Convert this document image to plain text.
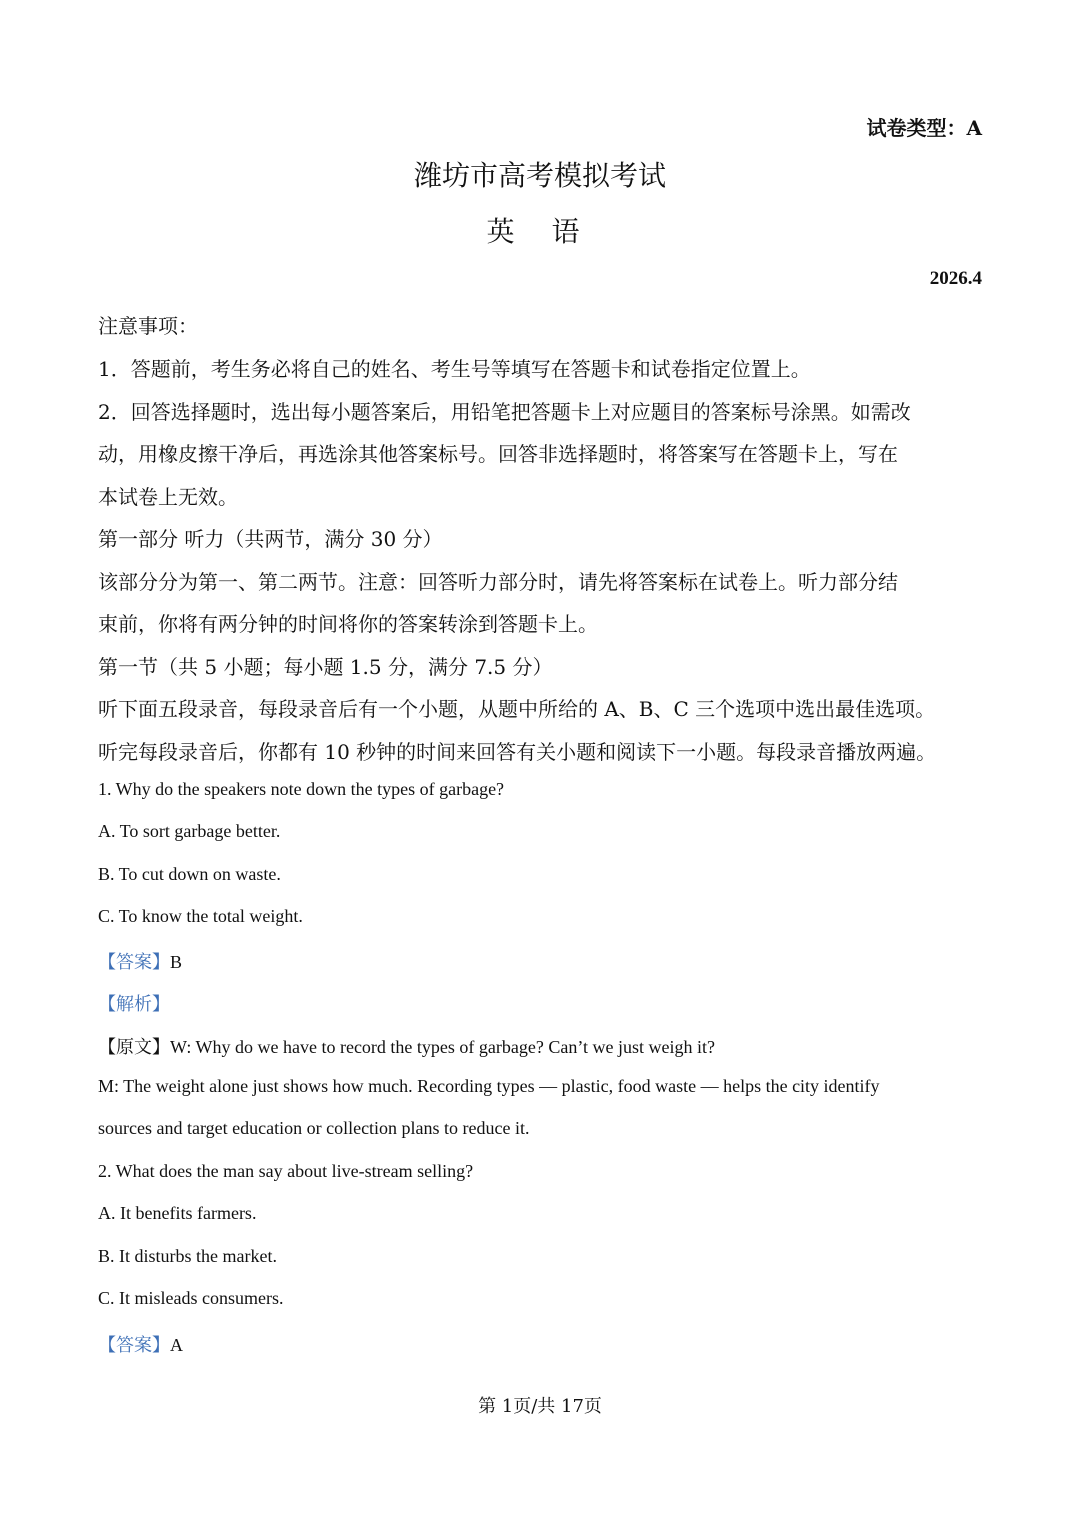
试卷类型：A
潍坊市高考模拟考试
英 语
2026.4
注意事项：
1．答题前，考生务必将自己的姓名、考生号等填写在答题卡和试卷指定位置上。
2．回答选择题时，选出每小题答案后，用铅笔把答题卡上对应题目的答案标号涂黑。如需改
动，用橡皮擦干净后，再选涂其他答案标号。回答非选择题时，将答案写在答题卡上，写在
本试卷上无效。
第一部分 听力（共两节，满分 30 分）
该部分分为第一、第二两节。注意：回答听力部分时，请先将答案标在试卷上。听力部分结
束前，你将有两分钟的时间将你的答案转涂到答题卡上。
第一节（共 5 小题；每小题 1.5 分，满分 7.5 分）
听下面五段录音，每段录音后有一个小题，从题中所给的 A、B、C 三个选项中选出最佳选项。
听完每段录音后，你都有 10 秒钟的时间来回答有关小题和阅读下一小题。每段录音播放两遍。
1. Why do the speakers note down the types of garbage?
A. To sort garbage better.
B. To cut down on waste.
C. To know the total weight.
【答案】B
【解析】
【原文】W: Why do we have to record the types of garbage? Can’t we just weigh it?
M: The weight alone just shows how much. Recording types — plastic, food waste — helps the city identify
sources and target education or collection plans to reduce it.
2. What does the man say about live-stream selling?
A. It benefits farmers.
B. It disturbs the market.
C. It misleads consumers.
【答案】A
第 1页/共 17页
